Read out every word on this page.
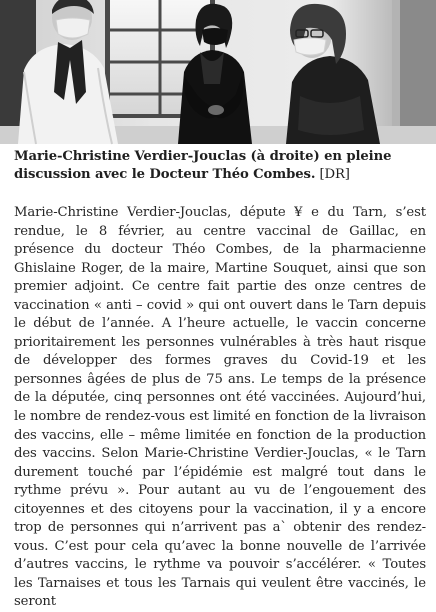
Marie-Christine Verdier-Jouclas (à droite) en pleine discussion avec le Docteur Théo Combes. [DR]

Marie-Christine Verdier-Jouclas, députe ¥ e du Tarn, s’est rendue, le 8 février, au centre vaccinal de Gaillac, en présence du docteur Théo Combes, de la pharmacienne Ghislaine Roger, de la maire, Martine Souquet, ainsi que son premier adjoint. Ce centre fait partie des onze centres de vaccination « anti – covid » qui ont ouvert dans le Tarn depuis le début de l’année. A l’heure actuelle, le vaccin concerne prioritairement les personnes vulnérables à très haut risque de développer des formes graves du Covid-19 et les personnes âgées de plus de 75 ans. Le temps de la présence de la députée, cinq personnes ont été vaccinées. Aujourd’hui, le nombre de rendez-vous est limité en fonction de la livraison des vaccins, elle – même limitée en fonction de la production des vaccins. Selon Marie-Christine Verdier-Jouclas, « le Tarn durement touché par l’épidémie est malgré tout dans le rythme prévu ». Pour autant au vu de l’engouement des citoyennes et des citoyens pour la vaccination, il y a encore trop de personnes qui n’arrivent pas a` obtenir des rendez-vous. C’est pour cela qu’avec la bonne nouvelle de l’arrivée d’autres vaccins, le rythme va pouvoir s’accélérer. « Toutes les Tarnaises et tous les Tarnais qui veulent être vaccinés, le seront
